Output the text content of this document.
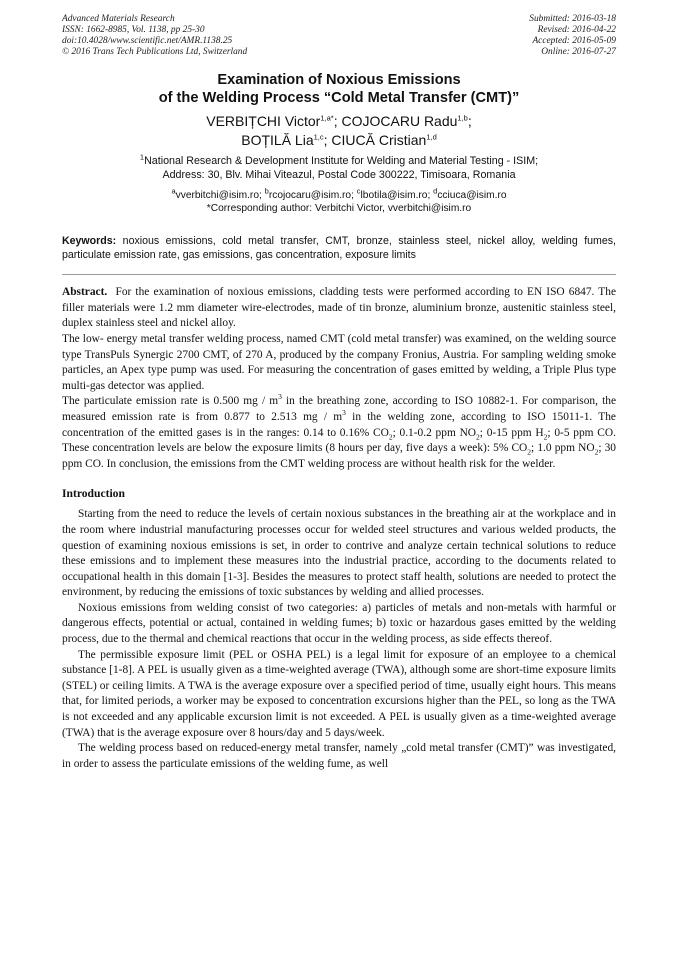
Advanced Materials Research
ISSN: 1662-8985, Vol. 1138, pp 25-30
doi:10.4028/www.scientific.net/AMR.1138.25
© 2016 Trans Tech Publications Ltd, Switzerland
Submitted: 2016-03-18
Revised: 2016-04-22
Accepted: 2016-05-09
Online: 2016-07-27
Examination of Noxious Emissions
of the Welding Process “Cold Metal Transfer (CMT)”
VERBIȚCHI Victor$^{1,a*}$; COJOCARU Radu$^{1,b}$;
BOȚILĂ Lia$^{1,c}$; CIUCĂ Cristian$^{1,d}$
$^1$National Research & Development Institute for Welding and Material Testing - ISIM;
Address: 30, Blv. Mihai Viteazul, Postal Code 300222, Timisoara, Romania
$^a$vverbitchi@isim.ro; $^b$rcojocaru@isim.ro; $^c$lbotila@isim.ro; $^d$cciuca@isim.ro
*Corresponding author: Verbitchi Victor, vverbitchi@isim.ro
Keywords: noxious emissions, cold metal transfer, CMT, bronze, stainless steel, nickel alloy, welding fumes, particulate emission rate, gas emissions, gas concentration, exposure limits

Abstract. For the examination of noxious emissions, cladding tests were performed according to EN ISO 6847. The filler materials were 1.2 mm diameter wire-electrodes, made of tin bronze, aluminium bronze, austenitic stainless steel, duplex stainless steel and nickel alloy.

The low- energy metal transfer welding process, named CMT (cold metal transfer) was examined, on the welding source type TransPuls Synergic 2700 CMT, of 270 A, produced by the company Fronius, Austria. For sampling welding smoke particles, an Apex type pump was used. For measuring the concentration of gases emitted by welding, a Triple Plus type multi-gas detector was applied.

The particulate emission rate is 0.500 mg / $m^3$ in the breathing zone, according to ISO 10882-1. For comparison, the measured emission rate is from 0.877 to 2.513 mg / $m^3$ in the welding zone, according to ISO 15011-1. The concentration of the emitted gases is in the ranges: 0.14 to 0.16% $CO_2$; 0.1-0.2 ppm $NO_2$; 0-15 ppm $H_2$; 0-5 ppm CO. These concentration levels are below the exposure limits (8 hours per day, five days a week): 5% $CO_2$; 1.0 ppm $NO_2$; 30 ppm CO. In conclusion, the emissions from the CMT welding process are without health risk for the welder.

Introduction

Starting from the need to reduce the levels of certain noxious substances in the breathing air at the workplace and in the room where industrial manufacturing processes occur for welded steel structures and various welded products, the question of examining noxious emissions is set, in order to contrive and analyze certain technical solutions to reduce these emissions and to implement these measures into the industrial practice, according to the documents related to occupational health in this domain [1-3]. Besides the measures to protect staff health, solutions are needed to protect the environment, by reducing the emissions of toxic substances by welding and allied processes.

Noxious emissions from welding consist of two categories: a) particles of metals and non-metals with harmful or dangerous effects, potential or actual, contained in welding fumes; b) toxic or hazardous gases emitted by the welding process, due to the thermal and chemical reactions that occur in the welding process, as side effects thereof.

The permissible exposure limit (PEL or OSHA PEL) is a legal limit for exposure of an employee to a chemical substance [1-8]. A PEL is usually given as a time-weighted average (TWA), although some are short-time exposure limits (STEL) or ceiling limits. A TWA is the average exposure over a specified period of time, usually eight hours. This means that, for limited periods, a worker may be exposed to concentration excursions higher than the PEL, so long as the TWA is not exceeded and any applicable excursion limit is not exceeded. A PEL is usually given as a time-weighted average (TWA) that is the average exposure over 8 hours/day and 5 days/week.

The welding process based on reduced-energy metal transfer, namely „cold metal transfer (CMT)” was investigated, in order to assess the particulate emissions of the welding fume, as well
